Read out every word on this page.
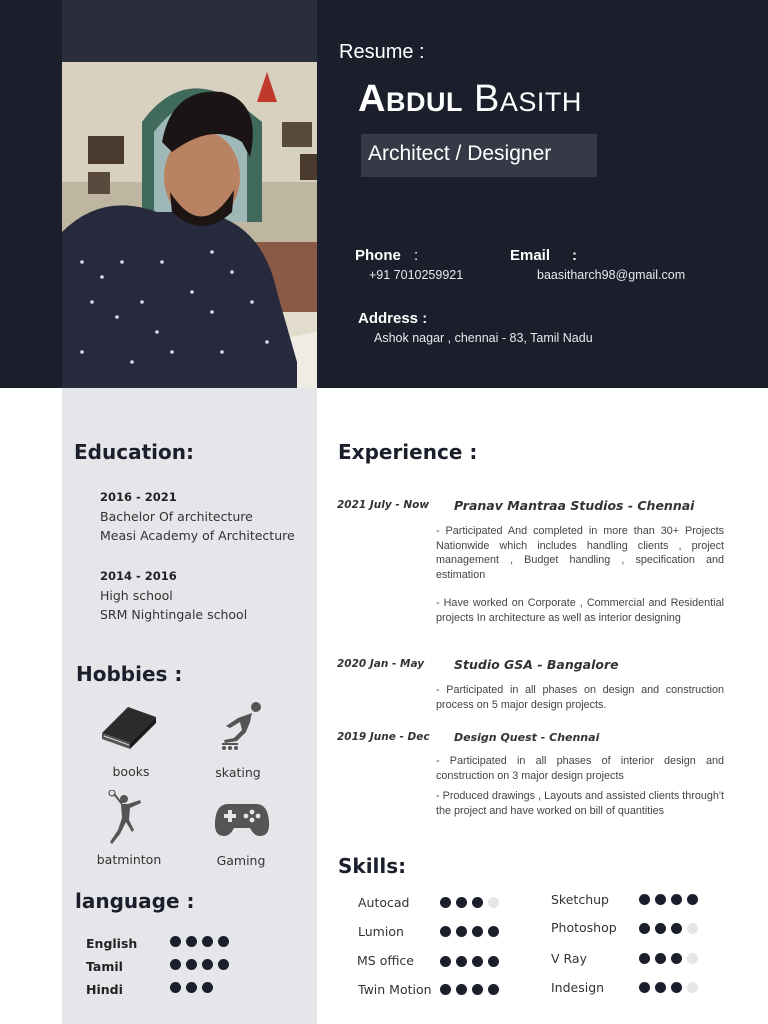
Resume :
Abdul Basith
Architect / Designer
Phone :
+91 7010259921
Email :
baasitharch98@gmail.com
Address :
Ashok nagar , chennai - 83, Tamil Nadu
Education:
2016 - 2021
Bachelor Of architecture
Measi Academy of Architecture
2014 - 2016
High school
SRM Nightingale school
Hobbies :
books	skating
batminton	Gaming
language :
English
Tamil
Hindi
Experience :
2021 July - Now Pranav Mantraa Studios - Chennai
- Participated And completed in more than 30+ Projects Nationwide which includes handling clients , project management , Budget handling , specification and estimation
- Have worked on Corporate , Commercial and Residential projects In architecture as well as interior designing
2020 Jan - May Studio GSA - Bangalore
- Participated in all phases on design and construction process on 5 major design projects.
2019 June - Dec Design Quest - Chennai
- Participated in all phases of interior design and construction on 3 major design projects
- Produced drawings , Layouts and assisted clients through't the project and have worked on bill of quantities
Skills:
Autocad	Sketchup
Lumion	Photoshop
MS office	V Ray
Twin Motion	Indesign
